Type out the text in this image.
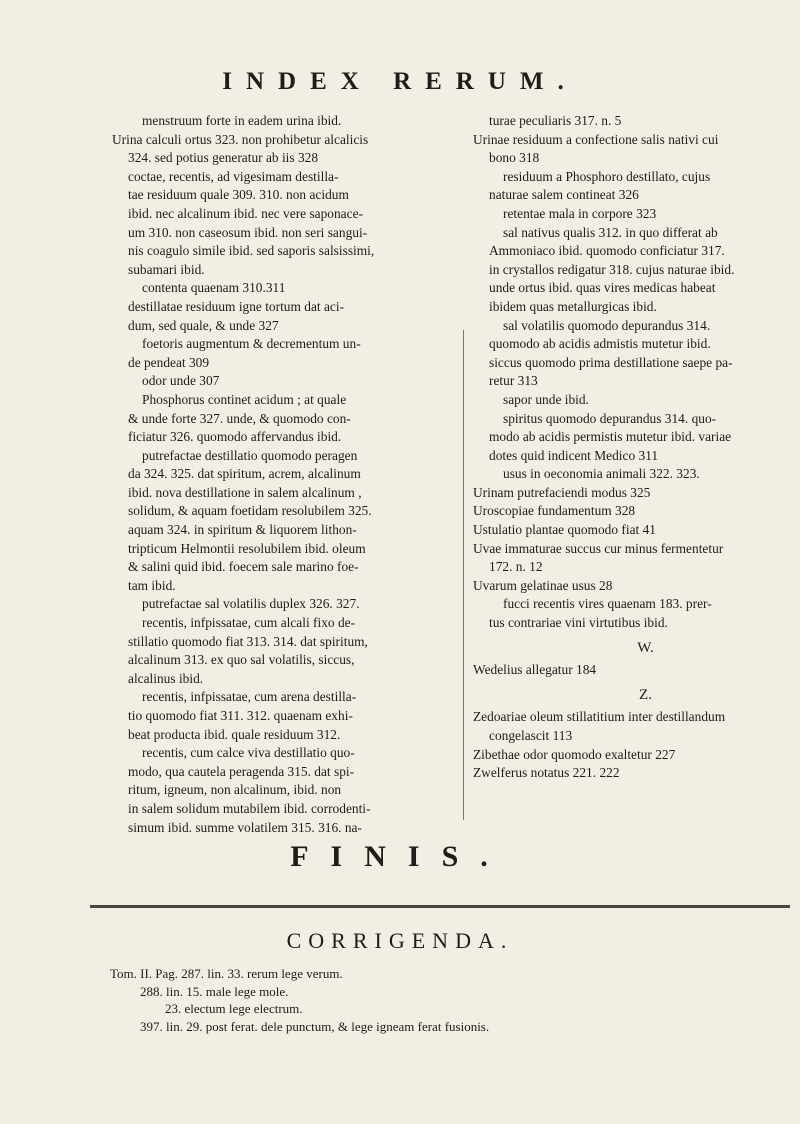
INDEX RERUM.
menstruum forte in eadem urina ibid.
Urina calculi ortus 323. non prohibetur alcalicis
324. sed potius generatur ab iis 328
coctae, recentis, ad vigesimam destilla-
tae residuum quale 309. 310. non acidum
ibid. nec alcalinum ibid. nec vere saponace-
um 310. non caseosum ibid. non seri sangui-
nis coagulo simile ibid. sed saporis salsissimi,
subamari ibid.
contenta quaenam 310.311
destillatae residuum igne tortum dat aci-
dum, sed quale, & unde 327
foetoris augmentum & decrementum un-
de pendeat 309
odor unde 307
Phosphorus continet acidum ; at quale
& unde forte 327. unde, & quomodo con-
ficiatur 326. quomodo affervandus ibid.
putrefactae destillatio quomodo peragen
da 324. 325. dat spiritum, acrem, alcalinum
ibid. nova destillatione in salem alcalinum ,
solidum, & aquam foetidam resolubilem 325.
aquam 324. in spiritum & liquorem lithon-
tripticum Helmontii resolubilem ibid. oleum
& salini quid ibid. foecem sale marino foe-
tam ibid.
putrefactae sal volatilis duplex 326. 327.
recentis, infpissatae, cum alcali fixo de-
stillatio quomodo fiat 313. 314. dat spiritum,
alcalinum 313. ex quo sal volatilis, siccus,
alcalinus ibid.
recentis, infpissatae, cum arena destilla-
tio quomodo fiat 311. 312. quaenam exhi-
beat producta ibid. quale residuum 312.
recentis, cum calce viva destillatio quo-
modo, qua cautela peragenda 315. dat spi-
ritum, igneum, non alcalinum, ibid. non
in salem solidum mutabilem ibid. corrodenti-
simum ibid. summe volatilem 315. 316. na-
turae peculiaris 317. n. 5
Urinae residuum a confectione salis nativi cui
bono 318
residuum a Phosphoro destillato, cujus
naturae salem contineat 326
retentae mala in corpore 323
sal nativus qualis 312. in quo differat ab
Ammoniaco ibid. quomodo conficiatur 317.
in crystallos redigatur 318. cujus naturae ibid.
unde ortus ibid. quas vires medicas habeat
ibidem quas metallurgicas ibid.
sal volatilis quomodo depurandus 314.
quomodo ab acidis admistis mutetur ibid.
siccus quomodo prima destillatione saepe pa-
retur 313
sapor unde ibid.
spiritus quomodo depurandus 314. quo-
modo ab acidis permistis mutetur ibid. variae
dotes quid indicent Medico 311
usus in oeconomia animali 322. 323.
Urinam putrefaciendi modus 325
Uroscopiae fundamentum 328
Ustulatio plantae quomodo fiat 41
Uvae immaturae succus cur minus fermentetur
172. n. 12
Uvarum gelatinae usus 28
fucci recentis vires quaenam 183. prer-
tus contrariae vini virtutibus ibid.
W.
Wedelius allegatur 184
Z.
Zedoariae oleum stillatitium inter destillandum
congelascit 113
Zibethae odor quomodo exaltetur 227
Zwelferus notatus 221. 222
FINIS.
CORRIGENDA.
Tom. II. Pag. 287. lin. 33. rerum lege verum.
288. lin. 15. male lege mole.
23. electum lege electrum.
397. lin. 29. post ferat. dele punctum, & lege igneam ferat fusionis.
